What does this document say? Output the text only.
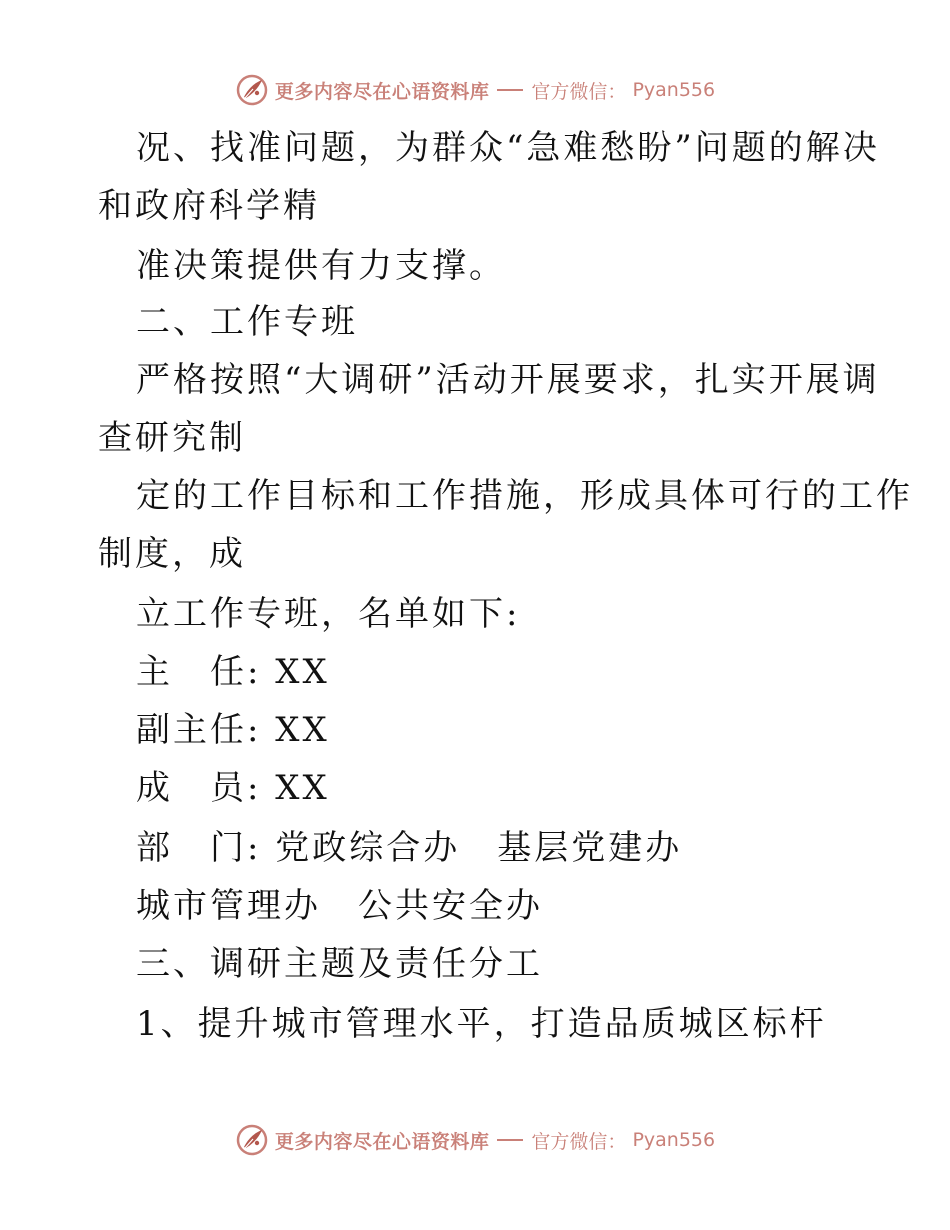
更多内容尽在心语资料库 官方微信： Pyan556
况、找准问题，为群众“急难愁盼”问题的解决
和政府科学精
准决策提供有力支撑。
二、工作专班
严格按照“大调研”活动开展要求，扎实开展调
查研究制
定的工作目标和工作措施，形成具体可行的工作
制度，成
立工作专班，名单如下:
主　任: XX
副主任: XX
成　员: XX
部　门: 党政综合办　基层党建办
城市管理办　公共安全办
三、调研主题及责任分工
1、提升城市管理水平，打造品质城区标杆
更多内容尽在心语资料库 官方微信： Pyan556
